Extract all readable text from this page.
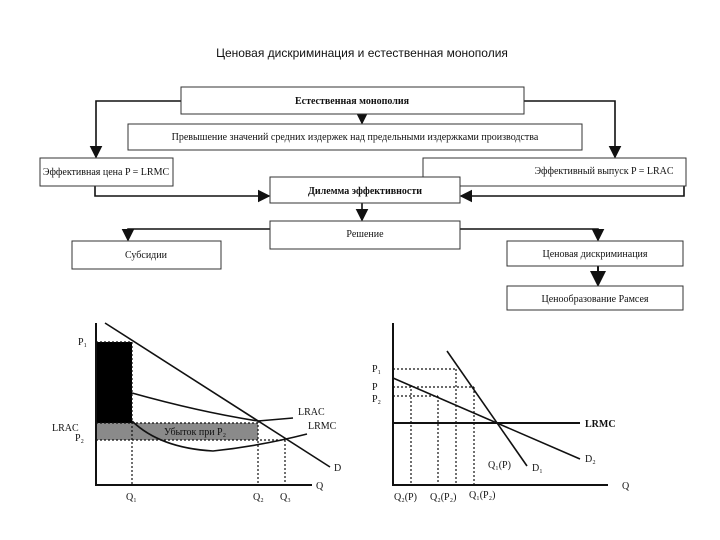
Ценовая дискриминация и естественная монополия
Естественная монополия
Превышение значений средних издержек над предельными издержками производства
Эффективная цена P = LRMC	Эффективный выпуск P = LRAC
Дилемма эффективности
Решение
Субсидии	Ценовая дискриминация
Ценообразование Рамсея
P₁
LRAC
P₂
Q₁	Q₂ Q₃
D
Q
LRAC
LRMC
Убыток при P₂
P₁
P
P₂
LRMC
D₁
D₂
Q₁(P)
Q₂(P) Q₂(P₂) Q₁(P₂)
Q
